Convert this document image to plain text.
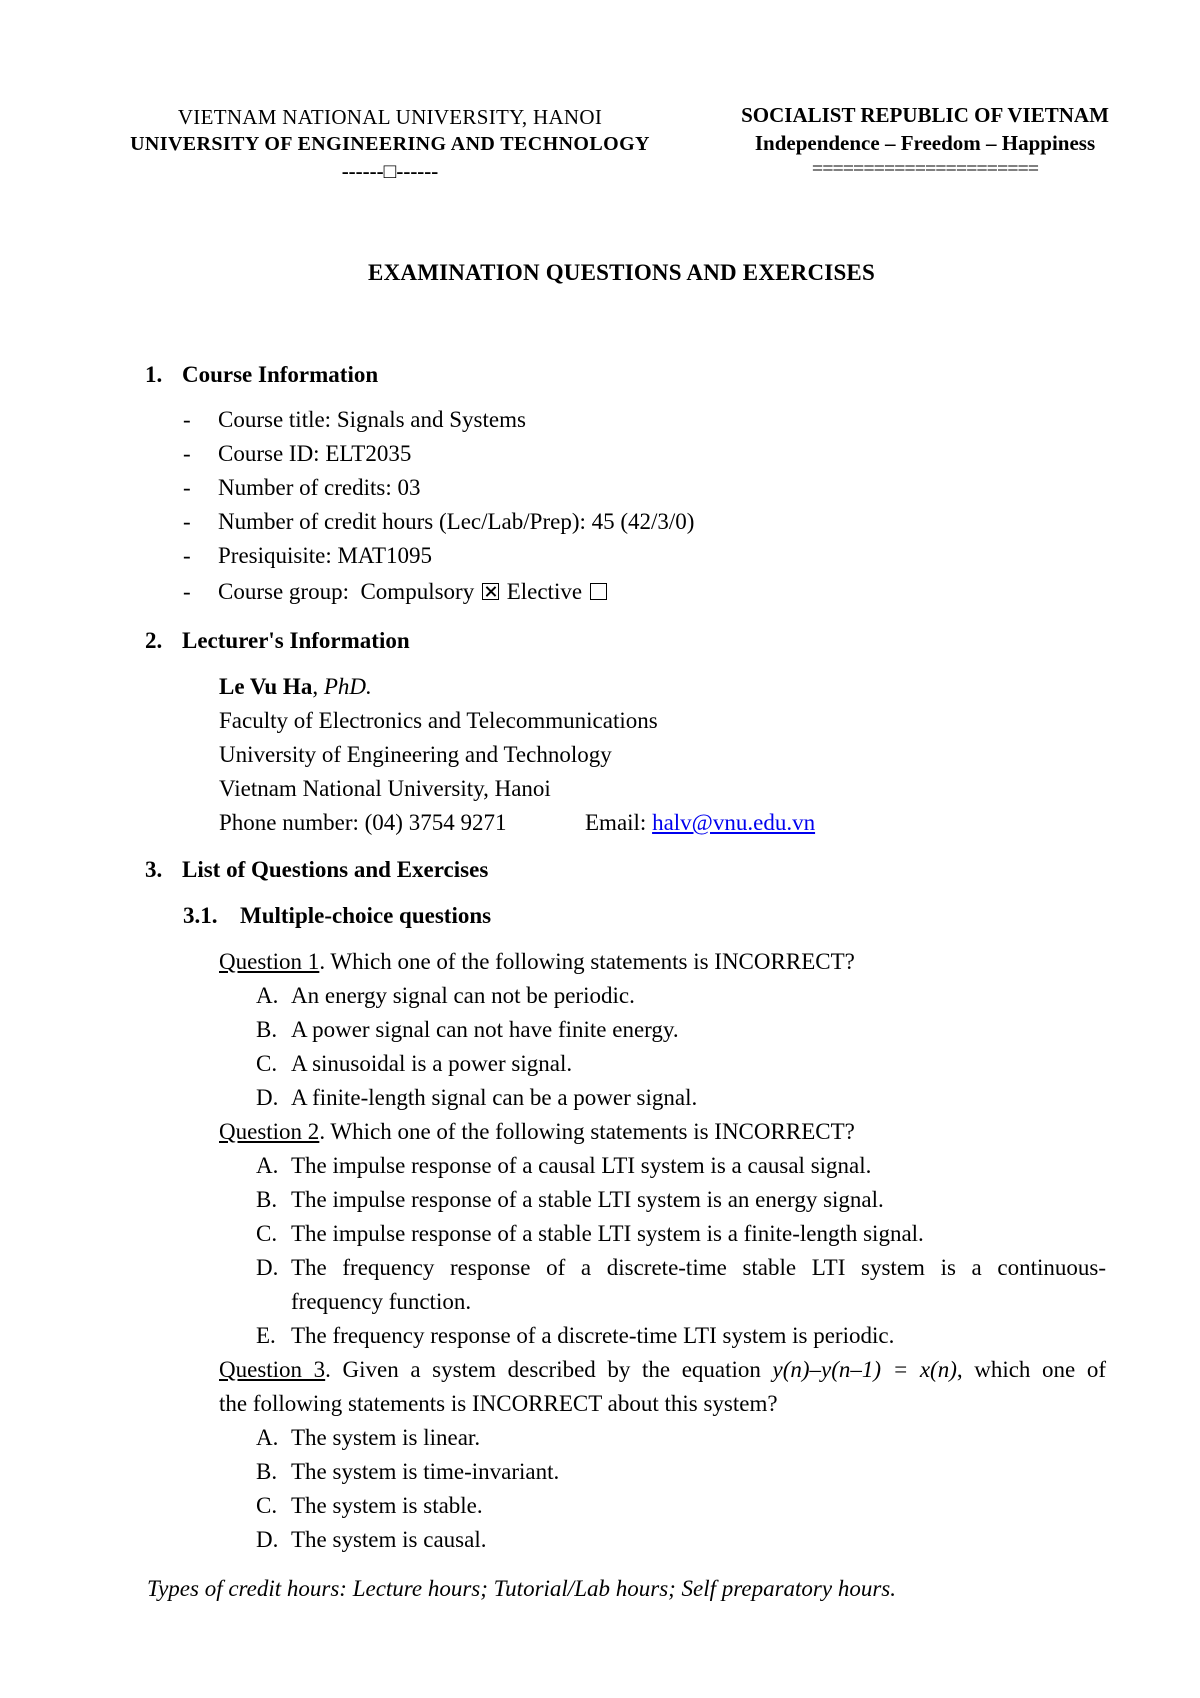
VIETNAM NATIONAL UNIVERSITY, HANOI
UNIVERSITY OF ENGINEERING AND TECHNOLOGY
------□------
SOCIALIST REPUBLIC OF VIETNAM
Independence – Freedom – Happiness
======================
EXAMINATION QUESTIONS AND EXERCISES
1. Course Information
- Course title: Signals and Systems
- Course ID: ELT2035
- Number of credits: 03
- Number of credit hours (Lec/Lab/Prep): 45 (42/3/0)
- Presiquisite: MAT1095
- Course group: Compulsory Elective
2. Lecturer's Information
Le Vu Ha, PhD.
Faculty of Electronics and Telecommunications
University of Engineering and Technology
Vietnam National University, Hanoi
Phone number: (04) 3754 9271	Email: halv@vnu.edu.vn
3. List of Questions and Exercises
3.1. Multiple-choice questions
Question 1. Which one of the following statements is INCORRECT?
A. An energy signal can not be periodic.
B. A power signal can not have finite energy.
C. A sinusoidal is a power signal.
D. A finite-length signal can be a power signal.
Question 2. Which one of the following statements is INCORRECT?
A. The impulse response of a causal LTI system is a causal signal.
B. The impulse response of a stable LTI system is an energy signal.
C. The impulse response of a stable LTI system is a finite-length signal.
D. The frequency response of a discrete-time stable LTI system is a continuous-
frequency function.
E. The frequency response of a discrete-time LTI system is periodic.
Question 3. Given a system described by the equation y(n)–y(n–1) = x(n), which one of
the following statements is INCORRECT about this system?
A. The system is linear.
B. The system is time-invariant.
C. The system is stable.
D. The system is causal.
Types of credit hours: Lecture hours; Tutorial/Lab hours; Self preparatory hours.
